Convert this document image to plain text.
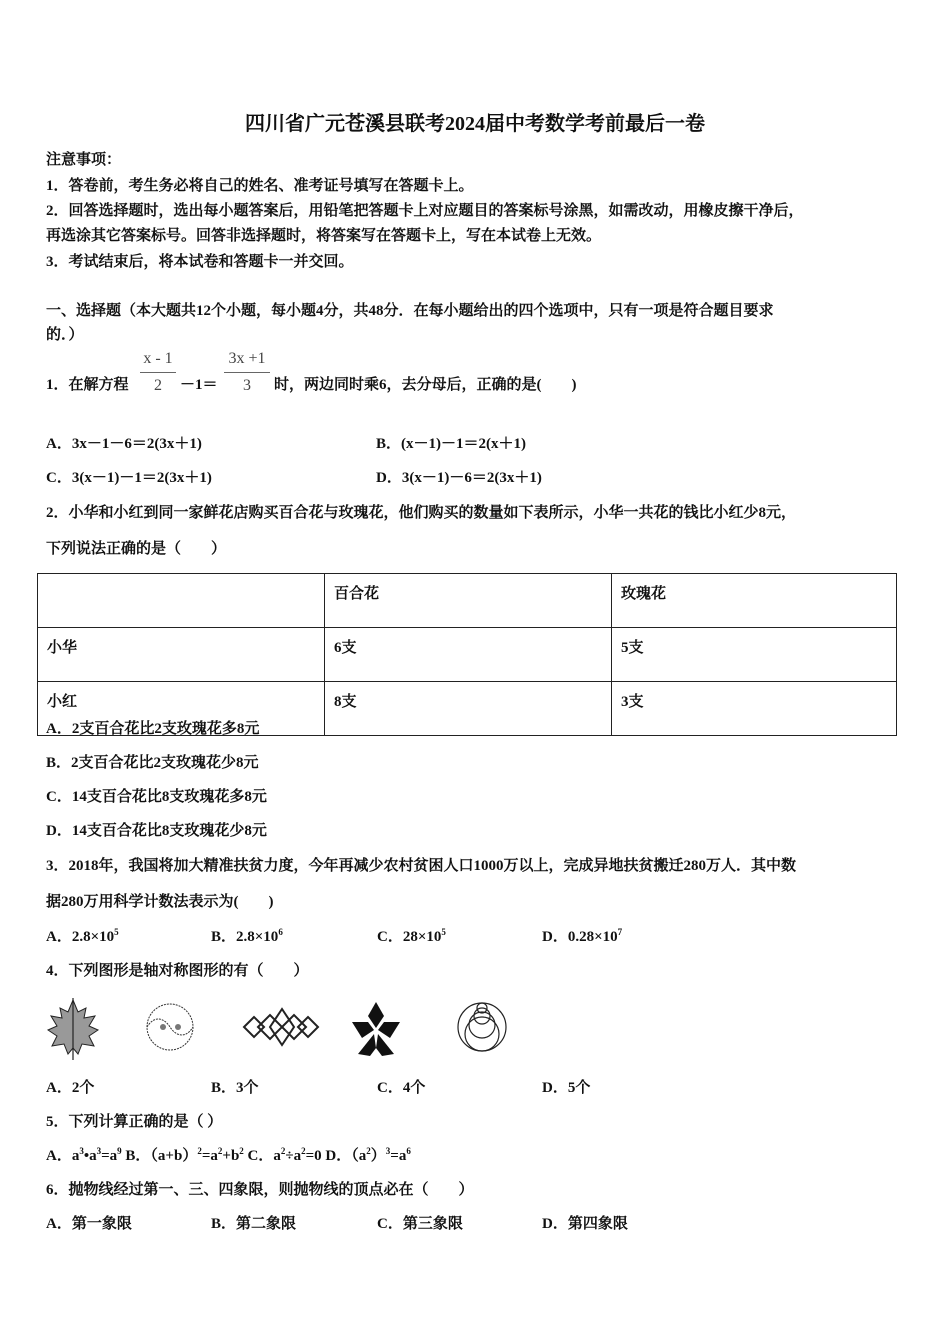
四川省广元苍溪县联考2024届中考数学考前最后一卷
注意事项：
1．答卷前，考生务必将自己的姓名、准考证号填写在答题卡上。
2．回答选择题时，选出每小题答案后，用铅笔把答题卡上对应题目的答案标号涂黑，如需改动，用橡皮擦干净后，
再选涂其它答案标号。回答非选择题时，将答案写在答题卡上，写在本试卷上无效。
3．考试结束后，将本试卷和答题卡一并交回。
一、选择题（本大题共12个小题，每小题4分，共48分．在每小题给出的四个选项中，只有一项是符合题目要求
的．）
1．在解方程 $\frac{x - 1}{2} -1= \frac{3x +1}{3}$ 时，两边同时乘6，去分母后，正确的是(　　)
A．3x－1－6＝2(3x＋1)	B．(x－1)－1＝2(x＋1)
C．3(x－1)－1＝2(3x＋1)	D．3(x－1)－6＝2(3x＋1)
2．小华和小红到同一家鲜花店购买百合花与玫瑰花，他们购买的数量如下表所示，小华一共花的钱比小红少8元，
下列说法正确的是（　　）
	百合花	玫瑰花
小华	6支	5支
小红	8支	3支
A．2支百合花比2支玫瑰花多8元
B．2支百合花比2支玫瑰花少8元
C．14支百合花比8支玫瑰花多8元
D．14支百合花比8支玫瑰花少8元
3．2018年，我国将加大精准扶贫力度，今年再减少农村贫困人口1000万以上，完成异地扶贫搬迁280万人．其中数
据280万用科学计数法表示为(　　)
A．$2.8\times 10^5$	B．$2.8\times 10^6$	C．$28\times 10^5$	D．$0.28\times 10^7$
4．下列图形是轴对称图形的有（　　）
A．2个	B．3个	C．4个	D．5个
5．下列计算正确的是（ ）
A．$a^3•a^3=a^9$ B．$(a+b)^2=a^2+b^2$ C．$a^2\div a^2=0$ D．$(a^2)^3=a^6$
6．抛物线经过第一、三、四象限，则抛物线的顶点必在（　　）
A．第一象限	B．第二象限	C．第三象限	D．第四象限
